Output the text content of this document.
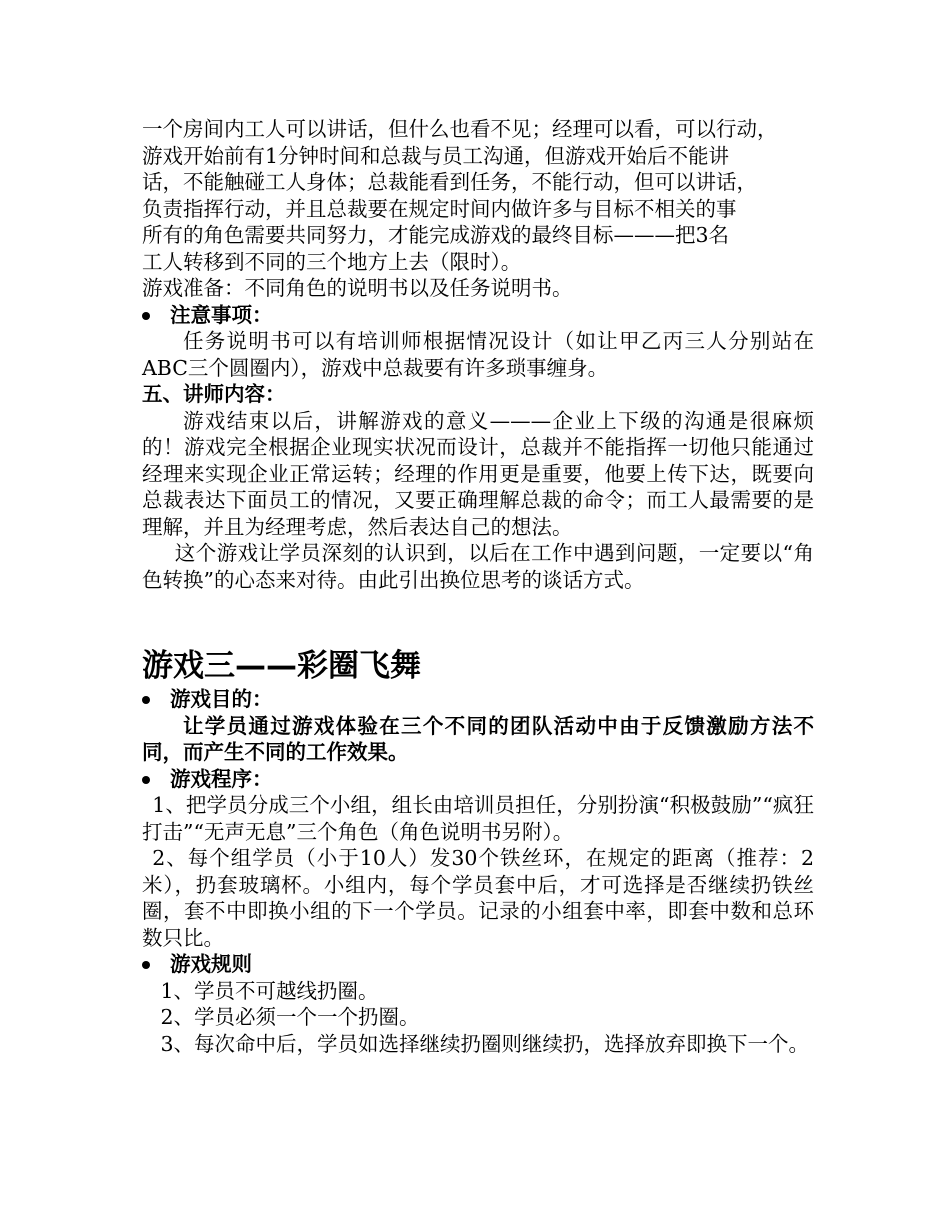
一个房间内工人可以讲话，但什么也看不见；经理可以看，可以行动，

游戏开始前有1分钟时间和总裁与员工沟通，但游戏开始后不能讲

话，不能触碰工人身体；总裁能看到任务，不能行动，但可以讲话，

负责指挥行动，并且总裁要在规定时间内做许多与目标不相关的事

所有的角色需要共同努力，才能完成游戏的最终目标———把3名

工人转移到不同的三个地方上去（限时）。

游戏准备：不同角色的说明书以及任务说明书。

注意事项：

任务说明书可以有培训师根据情况设计（如让甲乙丙三人分别站在ABC三个圆圈内），游戏中总裁要有许多琐事缠身。

五、讲师内容：

游戏结束以后，讲解游戏的意义———企业上下级的沟通是很麻烦的！游戏完全根据企业现实状况而设计，总裁并不能指挥一切他只能通过经理来实现企业正常运转；经理的作用更是重要，他要上传下达，既要向总裁表达下面员工的情况，又要正确理解总裁的命令；而工人最需要的是理解，并且为经理考虑，然后表达自己的想法。

这个游戏让学员深刻的认识到，以后在工作中遇到问题，一定要以“角色转换”的心态来对待。由此引出换位思考的谈话方式。

游戏三——彩圈飞舞

游戏目的：

让学员通过游戏体验在三个不同的团队活动中由于反馈激励方法不同，而产生不同的工作效果。

游戏程序：

1、把学员分成三个小组，组长由培训员担任，分别扮演“积极鼓励”“疯狂打击”“无声无息”三个角色（角色说明书另附）。

2、每个组学员（小于10人）发30个铁丝环，在规定的距离（推荐：2米），扔套玻璃杯。小组内，每个学员套中后，才可选择是否继续扔铁丝圈，套不中即换小组的下一个学员。记录的小组套中率，即套中数和总环数只比。

游戏规则

1、学员不可越线扔圈。

2、学员必须一个一个扔圈。

3、每次命中后，学员如选择继续扔圈则继续扔，选择放弃即换下一个。
